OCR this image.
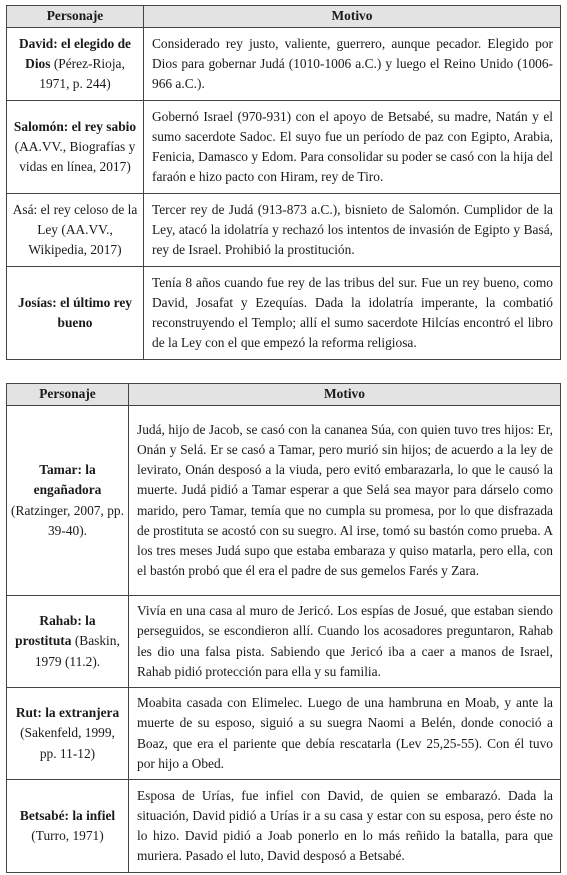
Personaje	Motivo
David: el elegido de Dios (Pérez-Rioja, 1971, p. 244)	Considerado rey justo, valiente, guerrero, aunque pecador. Elegido por Dios para gobernar Judá (1010-1006 a.C.) y luego el Reino Unido (1006-966 a.C.).
Salomón: el rey sabio (AA.VV., Biografías y vidas en línea, 2017)	Gobernó Israel (970-931) con el apoyo de Betsabé, su madre, Natán y el sumo sacerdote Sadoc. El suyo fue un período de paz con Egipto, Arabia, Fenicia, Damasco y Edom. Para consolidar su poder se casó con la hija del faraón e hizo pacto con Hiram, rey de Tiro.
Asá: el rey celoso de la Ley (AA.VV., Wikipedia, 2017)	Tercer rey de Judá (913-873 a.C.), bisnieto de Salomón. Cumplidor de la Ley, atacó la idolatría y rechazó los intentos de invasión de Egipto y Basá, rey de Israel. Prohibió la prostitución.
Josías: el último rey bueno	Tenía 8 años cuando fue rey de las tribus del sur. Fue un rey bueno, como David, Josafat y Ezequías. Dada la idolatría imperante, la combatió reconstruyendo el Templo; allí el sumo sacerdote Hilcías encontró el libro de la Ley con el que empezó la reforma religiosa.
Personaje	Motivo
Tamar: la engañadora (Ratzinger, 2007, pp. 39-40).	Judá, hijo de Jacob, se casó con la cananea Súa, con quien tuvo tres hijos: Er, Onán y Selá. Er se casó a Tamar, pero murió sin hijos; de acuerdo a la ley de levirato, Onán desposó a la viuda, pero evitó embarazarla, lo que le causó la muerte. Judá pidió a Tamar esperar a que Selá sea mayor para dárselo como marido, pero Tamar, temía que no cumpla su promesa, por lo que disfrazada de prostituta se acostó con su suegro. Al irse, tomó su bastón como prueba. A los tres meses Judá supo que estaba embaraza y quiso matarla, pero ella, con el bastón probó que él era el padre de sus gemelos Farés y Zara.
Rahab: la prostituta (Baskin, 1979 (11.2).	Vivía en una casa al muro de Jericó. Los espías de Josué, que estaban siendo perseguidos, se escondieron allí. Cuando los acosadores preguntaron, Rahab les dio una falsa pista. Sabiendo que Jericó iba a caer a manos de Israel, Rahab pidió protección para ella y su familia.
Rut: la extranjera (Sakenfeld, 1999, pp. 11-12)	Moabita casada con Elimelec. Luego de una hambruna en Moab, y ante la muerte de su esposo, siguió a su suegra Naomi a Belén, donde conoció a Boaz, que era el pariente que debía rescatarla (Lev 25,25-55). Con él tuvo por hijo a Obed.
Betsabé: la infiel (Turro, 1971)	Esposa de Urías, fue infiel con David, de quien se embarazó. Dada la situación, David pidió a Urías ir a su casa y estar con su esposa, pero éste no lo hizo. David pidió a Joab ponerlo en lo más reñido la batalla, para que muriera. Pasado el luto, David desposó a Betsabé.
